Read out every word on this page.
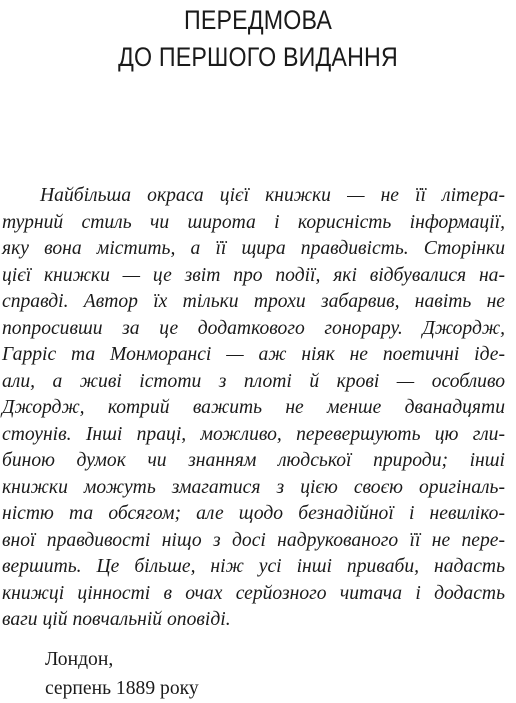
ПЕРЕДМОВА
ДО ПЕРШОГО ВИДАННЯ
Найбільша окраса цієї книжки — не її літера-
турний стиль чи широта і корисність інформації,
яку вона містить, а її щира правдивість. Сторінки
цієї книжки — це звіт про події, які відбувалися на-
справді. Автор їх тільки трохи забарвив, навіть не
попросивши за це додаткового гонорару. Джордж,
Гарріс та Монморансі — аж ніяк не поетичні іде-
али, а живі істоти з плоті й крові — особливо
Джордж, котрий важить не менше дванадцяти
стоунів. Інші праці, можливо, перевершують цю гли-
биною думок чи знанням людської природи; інші
книжки можуть змагатися з цією своєю оригіналь-
ністю та обсягом; але щодо безнадійної і невиліко-
вної правдивості ніщо з досі надрукованого її не пере-
вершить. Це більше, ніж усі інші приваби, надасть
книжці цінності в очах серйозного читача і додасть
ваги цій повчальній оповіді.
Лондон,
серпень 1889 року
